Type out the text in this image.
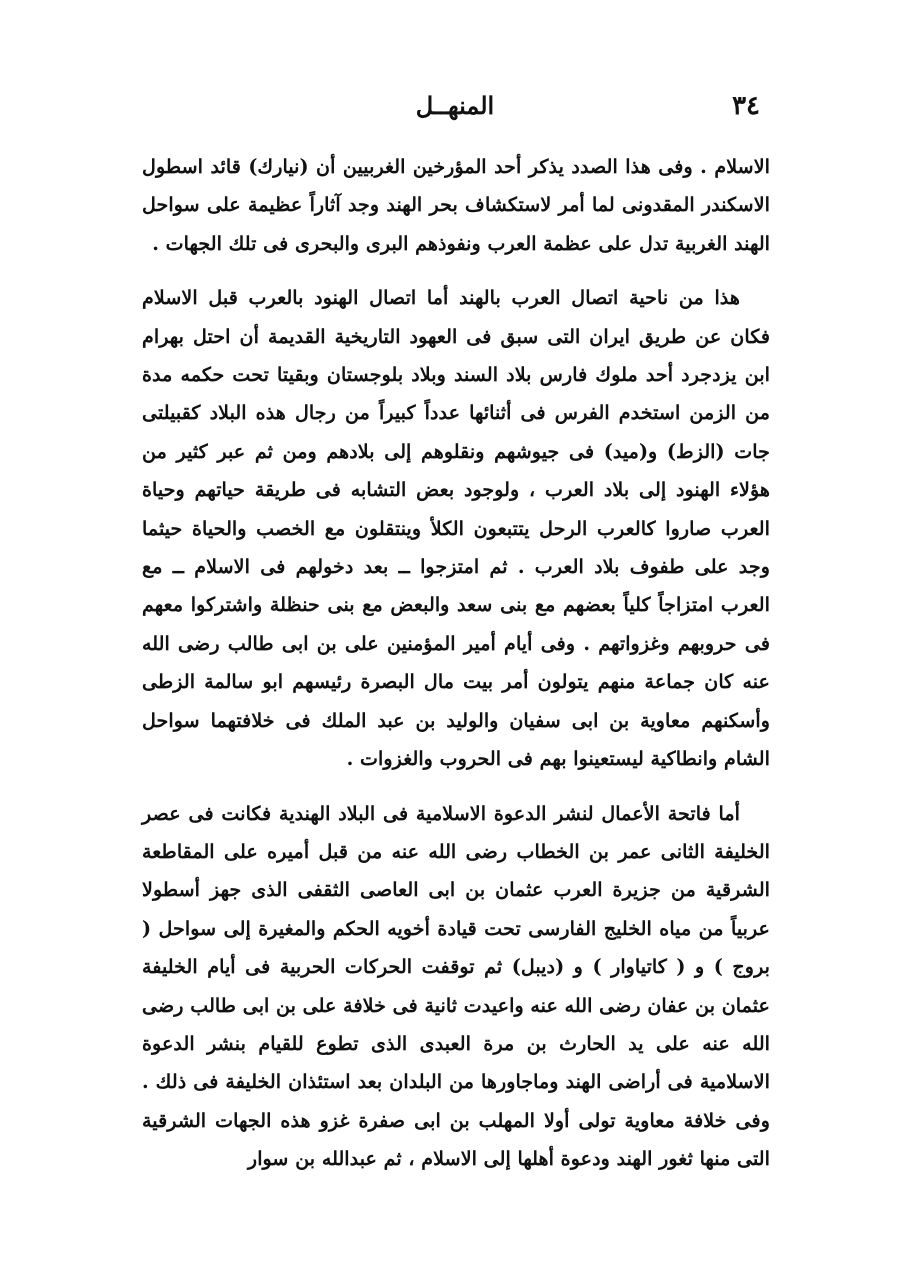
٣٤
المنهــل

الاسلام . وفى هذا الصدد يذكر أحد المؤرخين الغربيين أن (نيارك) قائد اسطول الاسكندر المقدونى لما أمر لاستكشاف بحر الهند وجد آثاراً عظيمة على سواحل الهند الغربية تدل على عظمة العرب ونفوذهم البرى والبحرى فى تلك الجهات .

هذا من ناحية اتصال العرب بالهند أما اتصال الهنود بالعرب قبل الاسلام فكان عن طريق ايران التى سبق فى العهود التاريخية القديمة أن احتل بهرام ابن يزدجرد أحد ملوك فارس بلاد السند وبلاد بلوجستان وبقيتا تحت حكمه مدة من الزمن استخدم الفرس فى أثنائها عدداً كبيراً من رجال هذه البلاد كقبيلتى جات (الزط) و(ميد) فى جيوشهم ونقلوهم إلى بلادهم ومن ثم عبر كثير من هؤلاء الهنود إلى بلاد العرب ، ولوجود بعض التشابه فى طريقة حياتهم وحياة العرب صاروا كالعرب الرحل يتتبعون الكلأ وينتقلون مع الخصب والحياة حيثما وجد على طفوف بلاد العرب . ثم امتزجوا ــ بعد دخولهم فى الاسلام ــ مع العرب امتزاجاً كلياً بعضهم مع بنى سعد والبعض مع بنى حنظلة واشتركوا معهم فى حروبهم وغزواتهم . وفى أيام أمير المؤمنين على بن ابى طالب رضى الله عنه كان جماعة منهم يتولون أمر بيت مال البصرة رئيسهم ابو سالمة الزطى وأسكنهم معاوية بن ابى سفيان والوليد بن عبد الملك فى خلافتهما سواحل الشام وانطاكية ليستعينوا بهم فى الحروب والغزوات .

أما فاتحة الأعمال لنشر الدعوة الاسلامية فى البلاد الهندية فكانت فى عصر الخليفة الثانى عمر بن الخطاب رضى الله عنه من قبل أميره على المقاطعة الشرقية من جزيرة العرب عثمان بن ابى العاصى الثقفى الذى جهز أسطولا عربياً من مياه الخليج الفارسى تحت قيادة أخويه الحكم والمغيرة إلى سواحل ( بروج ) و ( كاتياوار ) و (ديبل) ثم توقفت الحركات الحربية فى أيام الخليفة عثمان بن عفان رضى الله عنه واعيدت ثانية فى خلافة على بن ابى طالب رضى الله عنه على يد الحارث بن مرة العبدى الذى تطوع للقيام بنشر الدعوة الاسلامية فى أراضى الهند وماجاورها من البلدان بعد استئذان الخليفة فى ذلك . وفى خلافة معاوية تولى أولا المهلب بن ابى صفرة غزو هذه الجهات الشرقية التى منها ثغور الهند ودعوة أهلها إلى الاسلام ، ثم عبدالله بن سوار
